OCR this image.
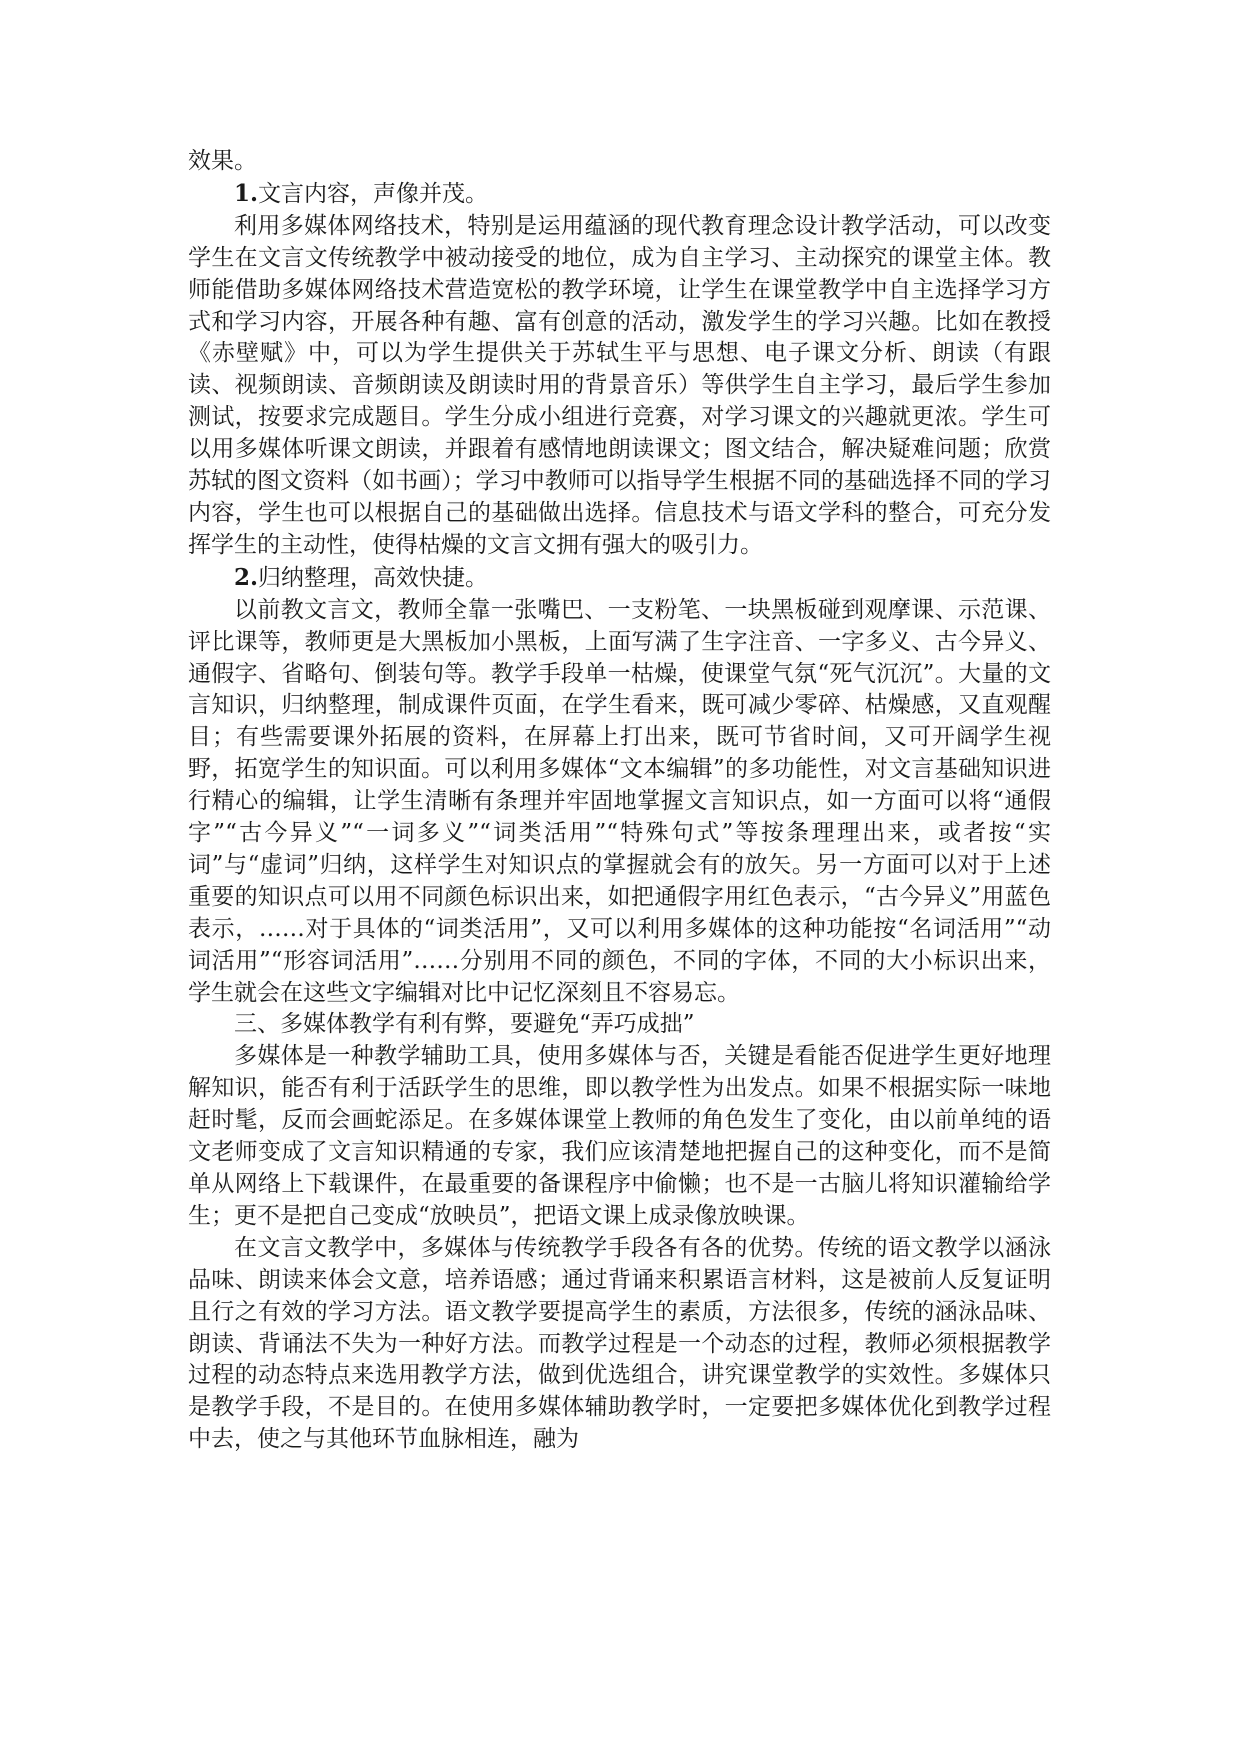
效果。

1.文言内容，声像并茂。

利用多媒体网络技术，特别是运用蕴涵的现代教育理念设计教学活动，可以改变学生在文言文传统教学中被动接受的地位，成为自主学习、主动探究的课堂主体。教师能借助多媒体网络技术营造宽松的教学环境，让学生在课堂教学中自主选择学习方式和学习内容，开展各种有趣、富有创意的活动，激发学生的学习兴趣。比如在教授《赤壁赋》中，可以为学生提供关于苏轼生平与思想、电子课文分析、朗读（有跟读、视频朗读、音频朗读及朗读时用的背景音乐）等供学生自主学习，最后学生参加测试，按要求完成题目。学生分成小组进行竞赛，对学习课文的兴趣就更浓。学生可以用多媒体听课文朗读，并跟着有感情地朗读课文；图文结合，解决疑难问题；欣赏苏轼的图文资料（如书画）；学习中教师可以指导学生根据不同的基础选择不同的学习内容，学生也可以根据自己的基础做出选择。信息技术与语文学科的整合，可充分发挥学生的主动性，使得枯燥的文言文拥有强大的吸引力。

2.归纳整理，高效快捷。

以前教文言文，教师全靠一张嘴巴、一支粉笔、一块黑板碰到观摩课、示范课、评比课等，教师更是大黑板加小黑板，上面写满了生字注音、一字多义、古今异义、通假字、省略句、倒装句等。教学手段单一枯燥，使课堂气氛“死气沉沉”。大量的文言知识，归纳整理，制成课件页面，在学生看来，既可减少零碎、枯燥感，又直观醒目；有些需要课外拓展的资料，在屏幕上打出来，既可节省时间，又可开阔学生视野，拓宽学生的知识面。可以利用多媒体“文本编辑”的多功能性，对文言基础知识进行精心的编辑，让学生清晰有条理并牢固地掌握文言知识点，如一方面可以将“通假字”“古今异义”“一词多义”“词类活用”“特殊句式”等按条理理出来，或者按“实词”与“虚词”归纳，这样学生对知识点的掌握就会有的放矢。另一方面可以对于上述重要的知识点可以用不同颜色标识出来，如把通假字用红色表示，“古今异义”用蓝色表示，……对于具体的“词类活用”，又可以利用多媒体的这种功能按“名词活用”“动词活用”“形容词活用”……分别用不同的颜色，不同的字体，不同的大小标识出来，学生就会在这些文字编辑对比中记忆深刻且不容易忘。

三、多媒体教学有利有弊，要避免“弄巧成拙”

多媒体是一种教学辅助工具，使用多媒体与否，关键是看能否促进学生更好地理解知识，能否有利于活跃学生的思维，即以教学性为出发点。如果不根据实际一味地赶时髦，反而会画蛇添足。在多媒体课堂上教师的角色发生了变化，由以前单纯的语文老师变成了文言知识精通的专家，我们应该清楚地把握自己的这种变化，而不是简单从网络上下载课件，在最重要的备课程序中偷懒；也不是一古脑儿将知识灌输给学生；更不是把自己变成“放映员”，把语文课上成录像放映课。

在文言文教学中，多媒体与传统教学手段各有各的优势。传统的语文教学以涵泳品味、朗读来体会文意，培养语感；通过背诵来积累语言材料，这是被前人反复证明且行之有效的学习方法。语文教学要提高学生的素质，方法很多，传统的涵泳品味、朗读、背诵法不失为一种好方法。而教学过程是一个动态的过程，教师必须根据教学过程的动态特点来选用教学方法，做到优选组合，讲究课堂教学的实效性。多媒体只是教学手段，不是目的。在使用多媒体辅助教学时，一定要把多媒体优化到教学过程中去，使之与其他环节血脉相连，融为
